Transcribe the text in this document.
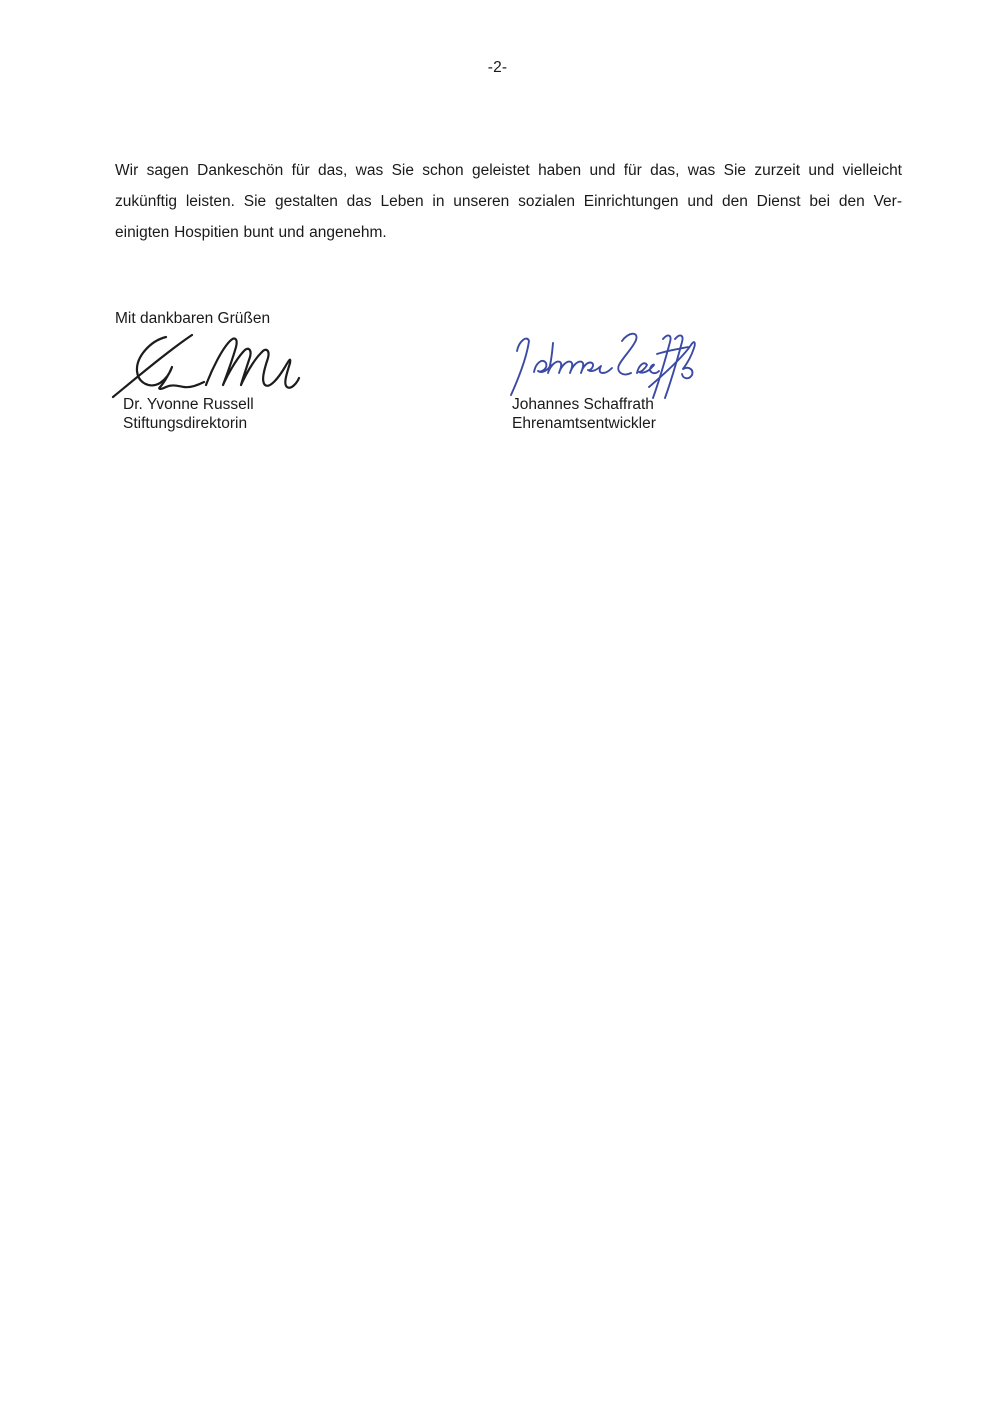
-2-
Wir sagen Dankeschön für das, was Sie schon geleistet haben und für das, was Sie zurzeit und vielleicht
zukünftig leisten. Sie gestalten das Leben in unseren sozialen Einrichtungen und den Dienst bei den Ver-
einigten Hospitien bunt und angenehm.
Mit dankbaren Grüßen
Dr. Yvonne Russell
Stiftungsdirektorin
Johannes Schaffrath
Ehrenamtsentwickler
